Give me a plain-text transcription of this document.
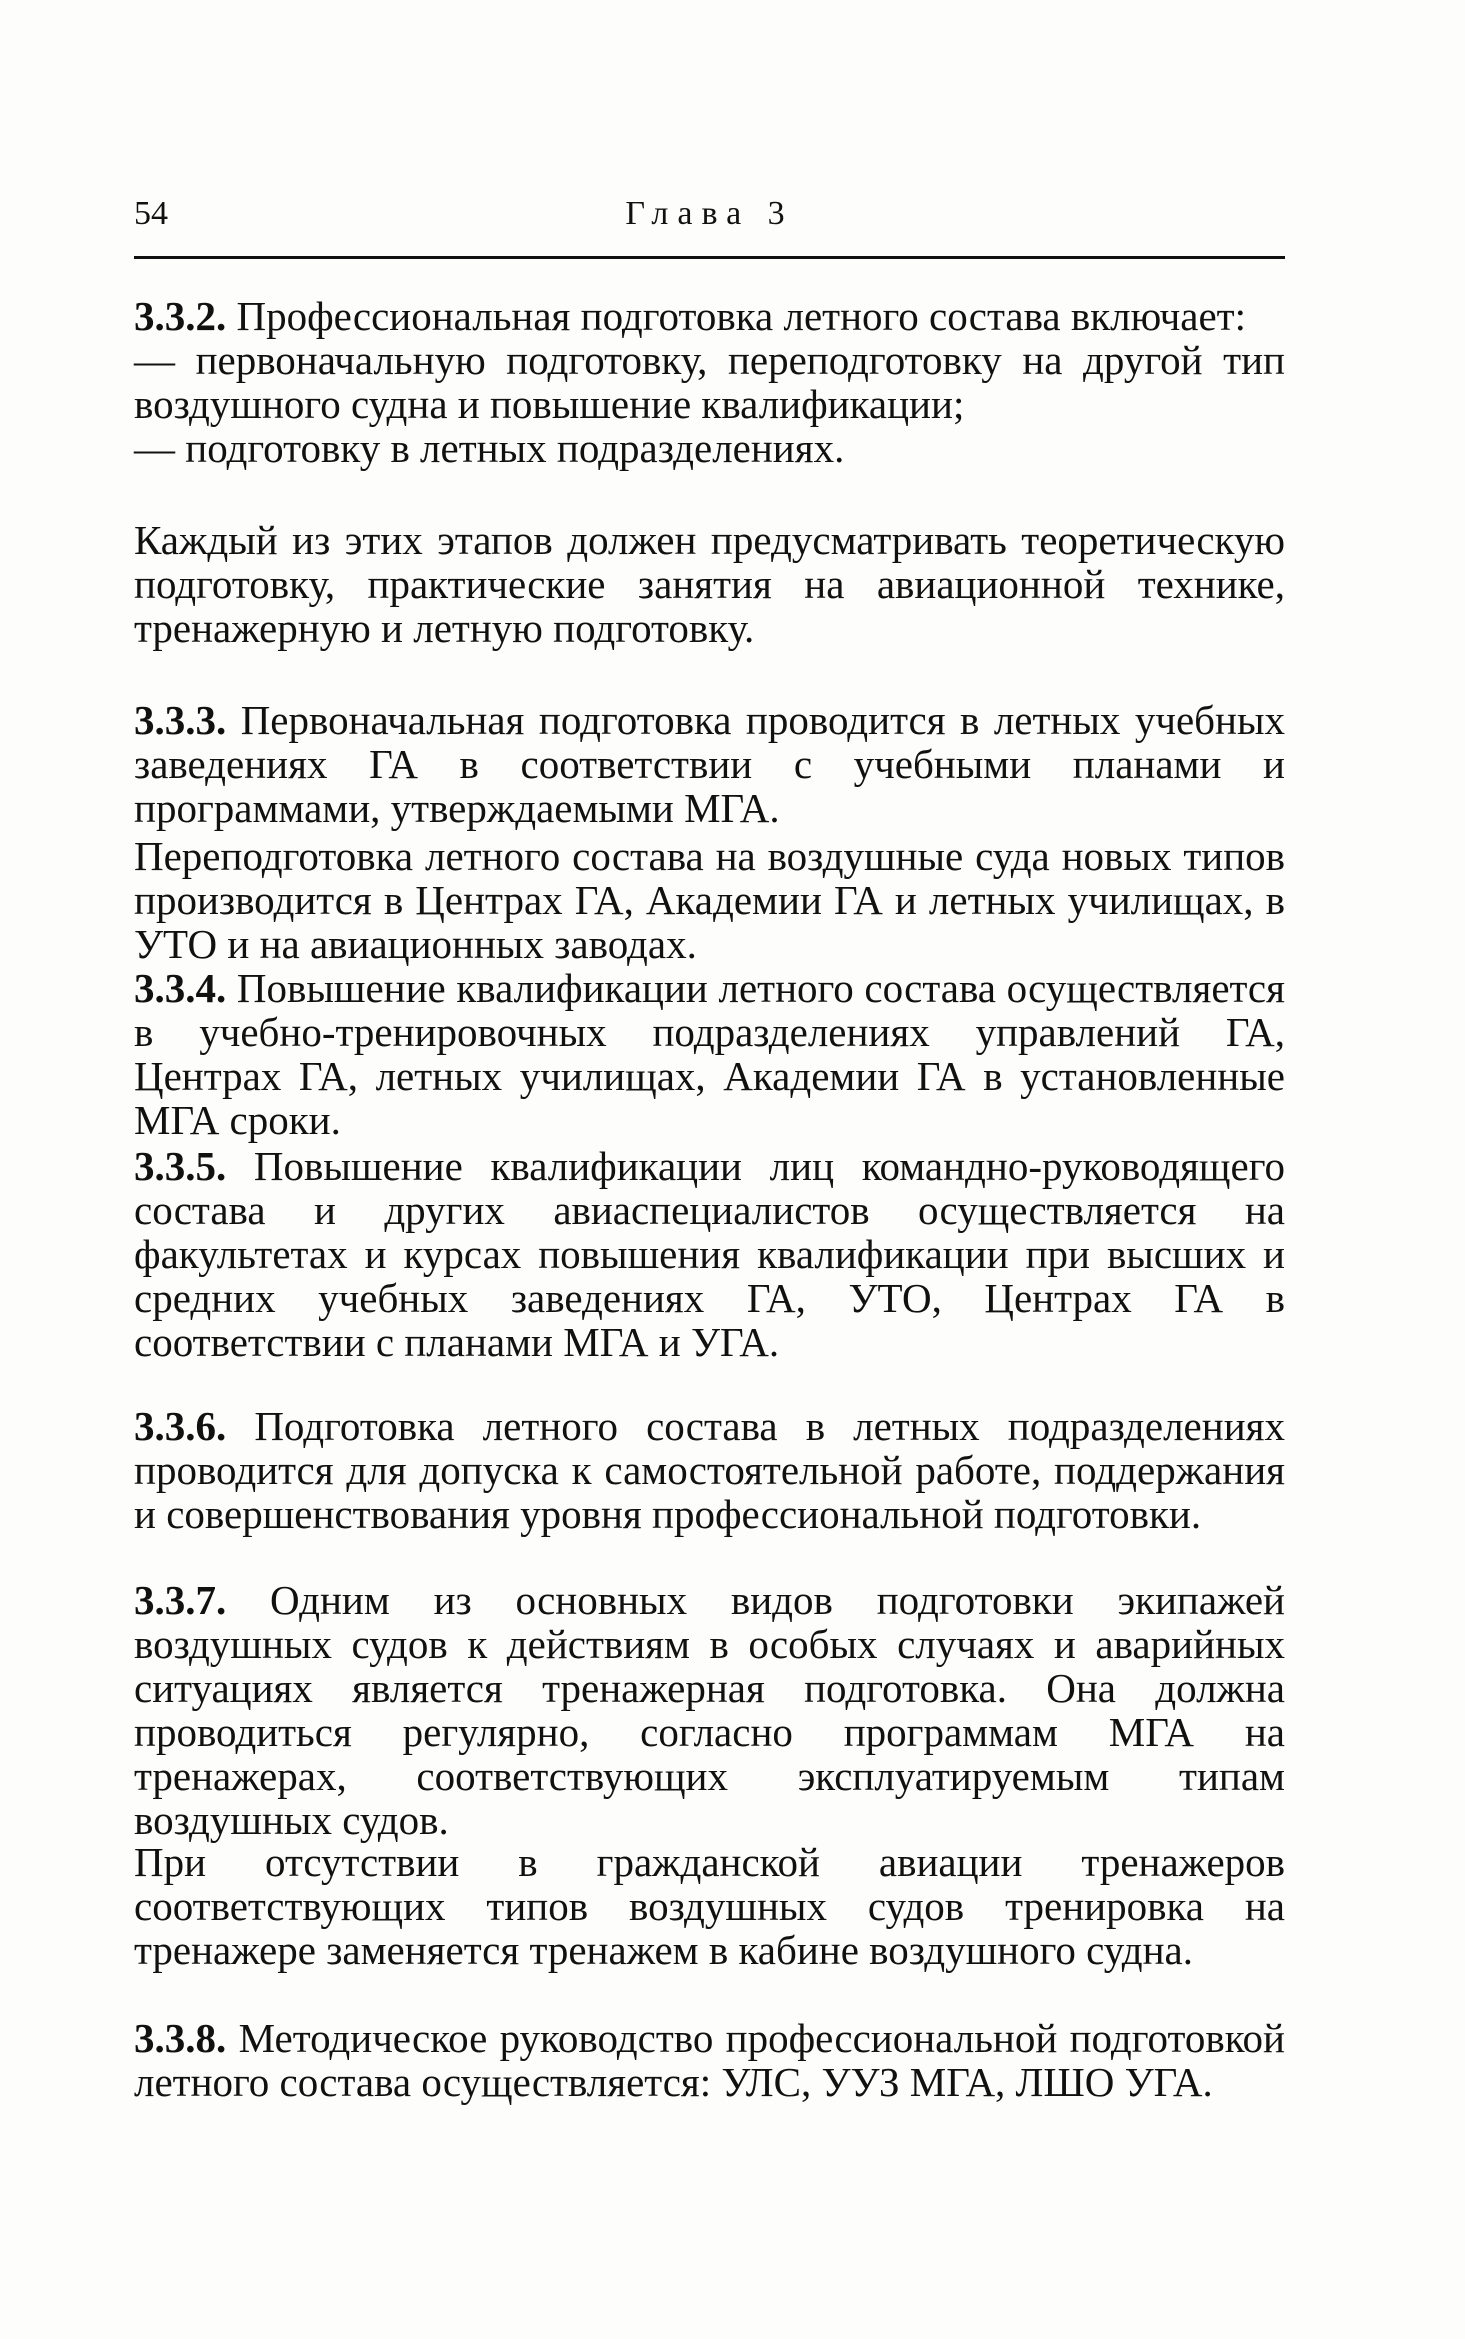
54	Глава 3

3.3.2. Профессиональная подготовка летного состава включает:
— первоначальную подготовку, переподготовку на другой тип воздушного судна и повышение квалификации;
— подготовку в летных подразделениях.

Каждый из этих этапов должен предусматривать теоретическую подготовку, практические занятия на авиационной технике, тренажерную и летную подготовку.

3.3.3. Первоначальная подготовка проводится в летных учебных заведениях ГА в соответствии с учебными планами и программами, утверждаемыми МГА.

Переподготовка летного состава на воздушные суда новых типов производится в Центрах ГА, Академии ГА и летных училищах, в УТО и на авиационных заводах.

3.3.4. Повышение квалификации летного состава осуществляется в учебно-тренировочных подразделениях управлений ГА, Центрах ГА, летных училищах, Академии ГА в установленные МГА сроки.

3.3.5. Повышение квалификации лиц командно-руководящего состава и других авиаспециалистов осуществляется на факультетах и курсах повышения квалификации при высших и средних учебных заведениях ГА, УТО, Центрах ГА в соответствии с планами МГА и УГА.

3.3.6. Подготовка летного состава в летных подразделениях проводится для допуска к самостоятельной работе, поддержания и совершенствования уровня профессиональной подготовки.

3.3.7. Одним из основных видов подготовки экипажей воздушных судов к действиям в особых случаях и аварийных ситуациях является тренажерная подготовка. Она должна проводиться регулярно, согласно программам МГА на тренажерах, соответствующих эксплуатируемым типам воздушных судов.

При отсутствии в гражданской авиации тренажеров соответствующих типов воздушных судов тренировка на тренажере заменяется тренажем в кабине воздушного судна.

3.3.8. Методическое руководство профессиональной подготовкой летного состава осуществляется: УЛС, УУЗ МГА, ЛШО УГА.
